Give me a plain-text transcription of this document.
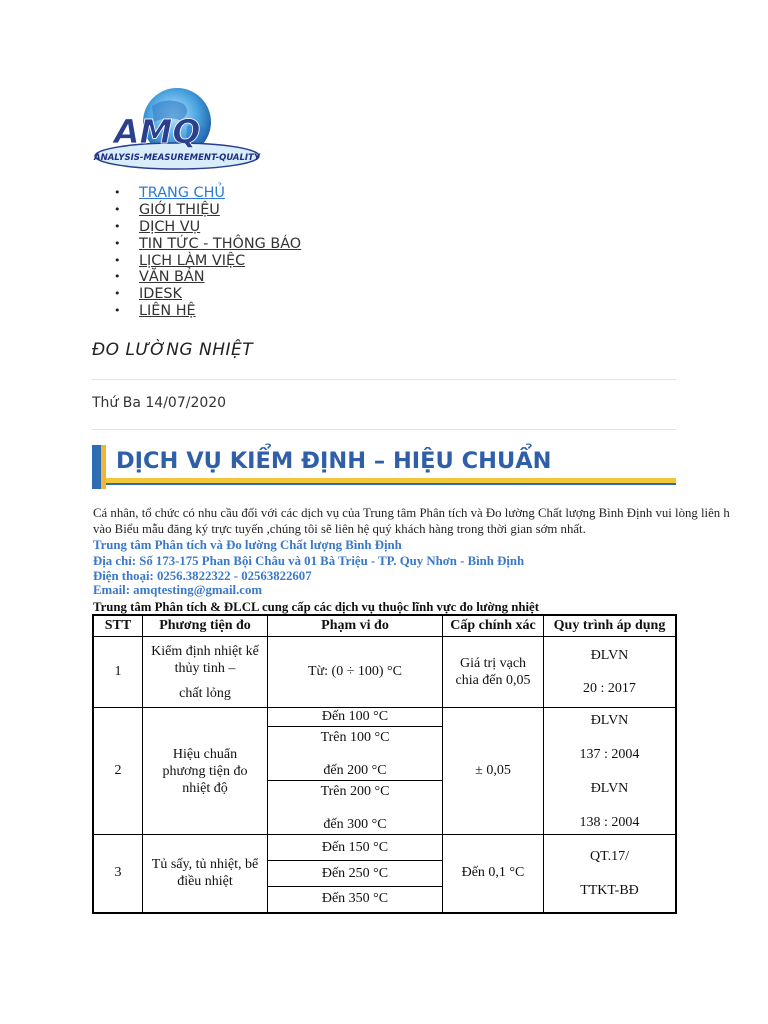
AMQ
ANALYSIS-MEASUREMENT-QUALITY
• TRANG CHỦ
• GIỚI THIỆU
• DỊCH VỤ
• TIN TỨC - THÔNG BÁO
• LỊCH LÀM VIỆC
• VĂN BẢN
• IDESK
• LIÊN HỆ
ĐO LƯỜNG NHIỆT
Thứ Ba 14/07/2020
DỊCH VỤ KIỂM ĐỊNH – HIỆU CHUẨN
Cá nhân, tổ chức có nhu cầu đối với các dịch vụ của Trung tâm Phân tích và Đo lường Chất lượng Bình Định vui lòng liên h
vào Biểu mẫu đăng ký trực tuyến ,chúng tôi sẽ liên hệ quý khách hàng trong thời gian sớm nhất.
Trung tâm Phân tích và Đo lường Chất lượng Bình Định
Địa chỉ: Số 173-175 Phan Bội Châu và 01 Bà Triệu - TP. Quy Nhơn - Bình Định
Điện thoại: 0256.3822322 - 02563822607
Email: amqtesting@gmail.com
Trung tâm Phân tích & ĐLCL cung cấp các dịch vụ thuộc lĩnh vực đo lường nhiệt
STT	Phương tiện đo	Phạm vi đo	Cấp chính xác	Quy trình áp dụng
1	Kiểm định nhiệt kế
thủy tinh –
chất lỏng	Từ: (0 ÷ 100) °C	Giá trị vạch
chia đến 0,05	ĐLVN
20 : 2017

2	Hiệu chuẩn
phương tiện đo
nhiệt độ	Đến 100 °C	± 0,05	ĐLVN
137 : 2004
ĐLVN
138 : 2004

		Trên 100 °C
đến 200 °C		

		Trên 200 °C
đến 300 °C		

3	Tủ sấy, tủ nhiệt, bể
điều nhiệt	Đến 150 °C	Đến 0,1 °C	QT.17/
TTKT-BĐ

		Đến 250 °C		
		Đến 350 °C		
